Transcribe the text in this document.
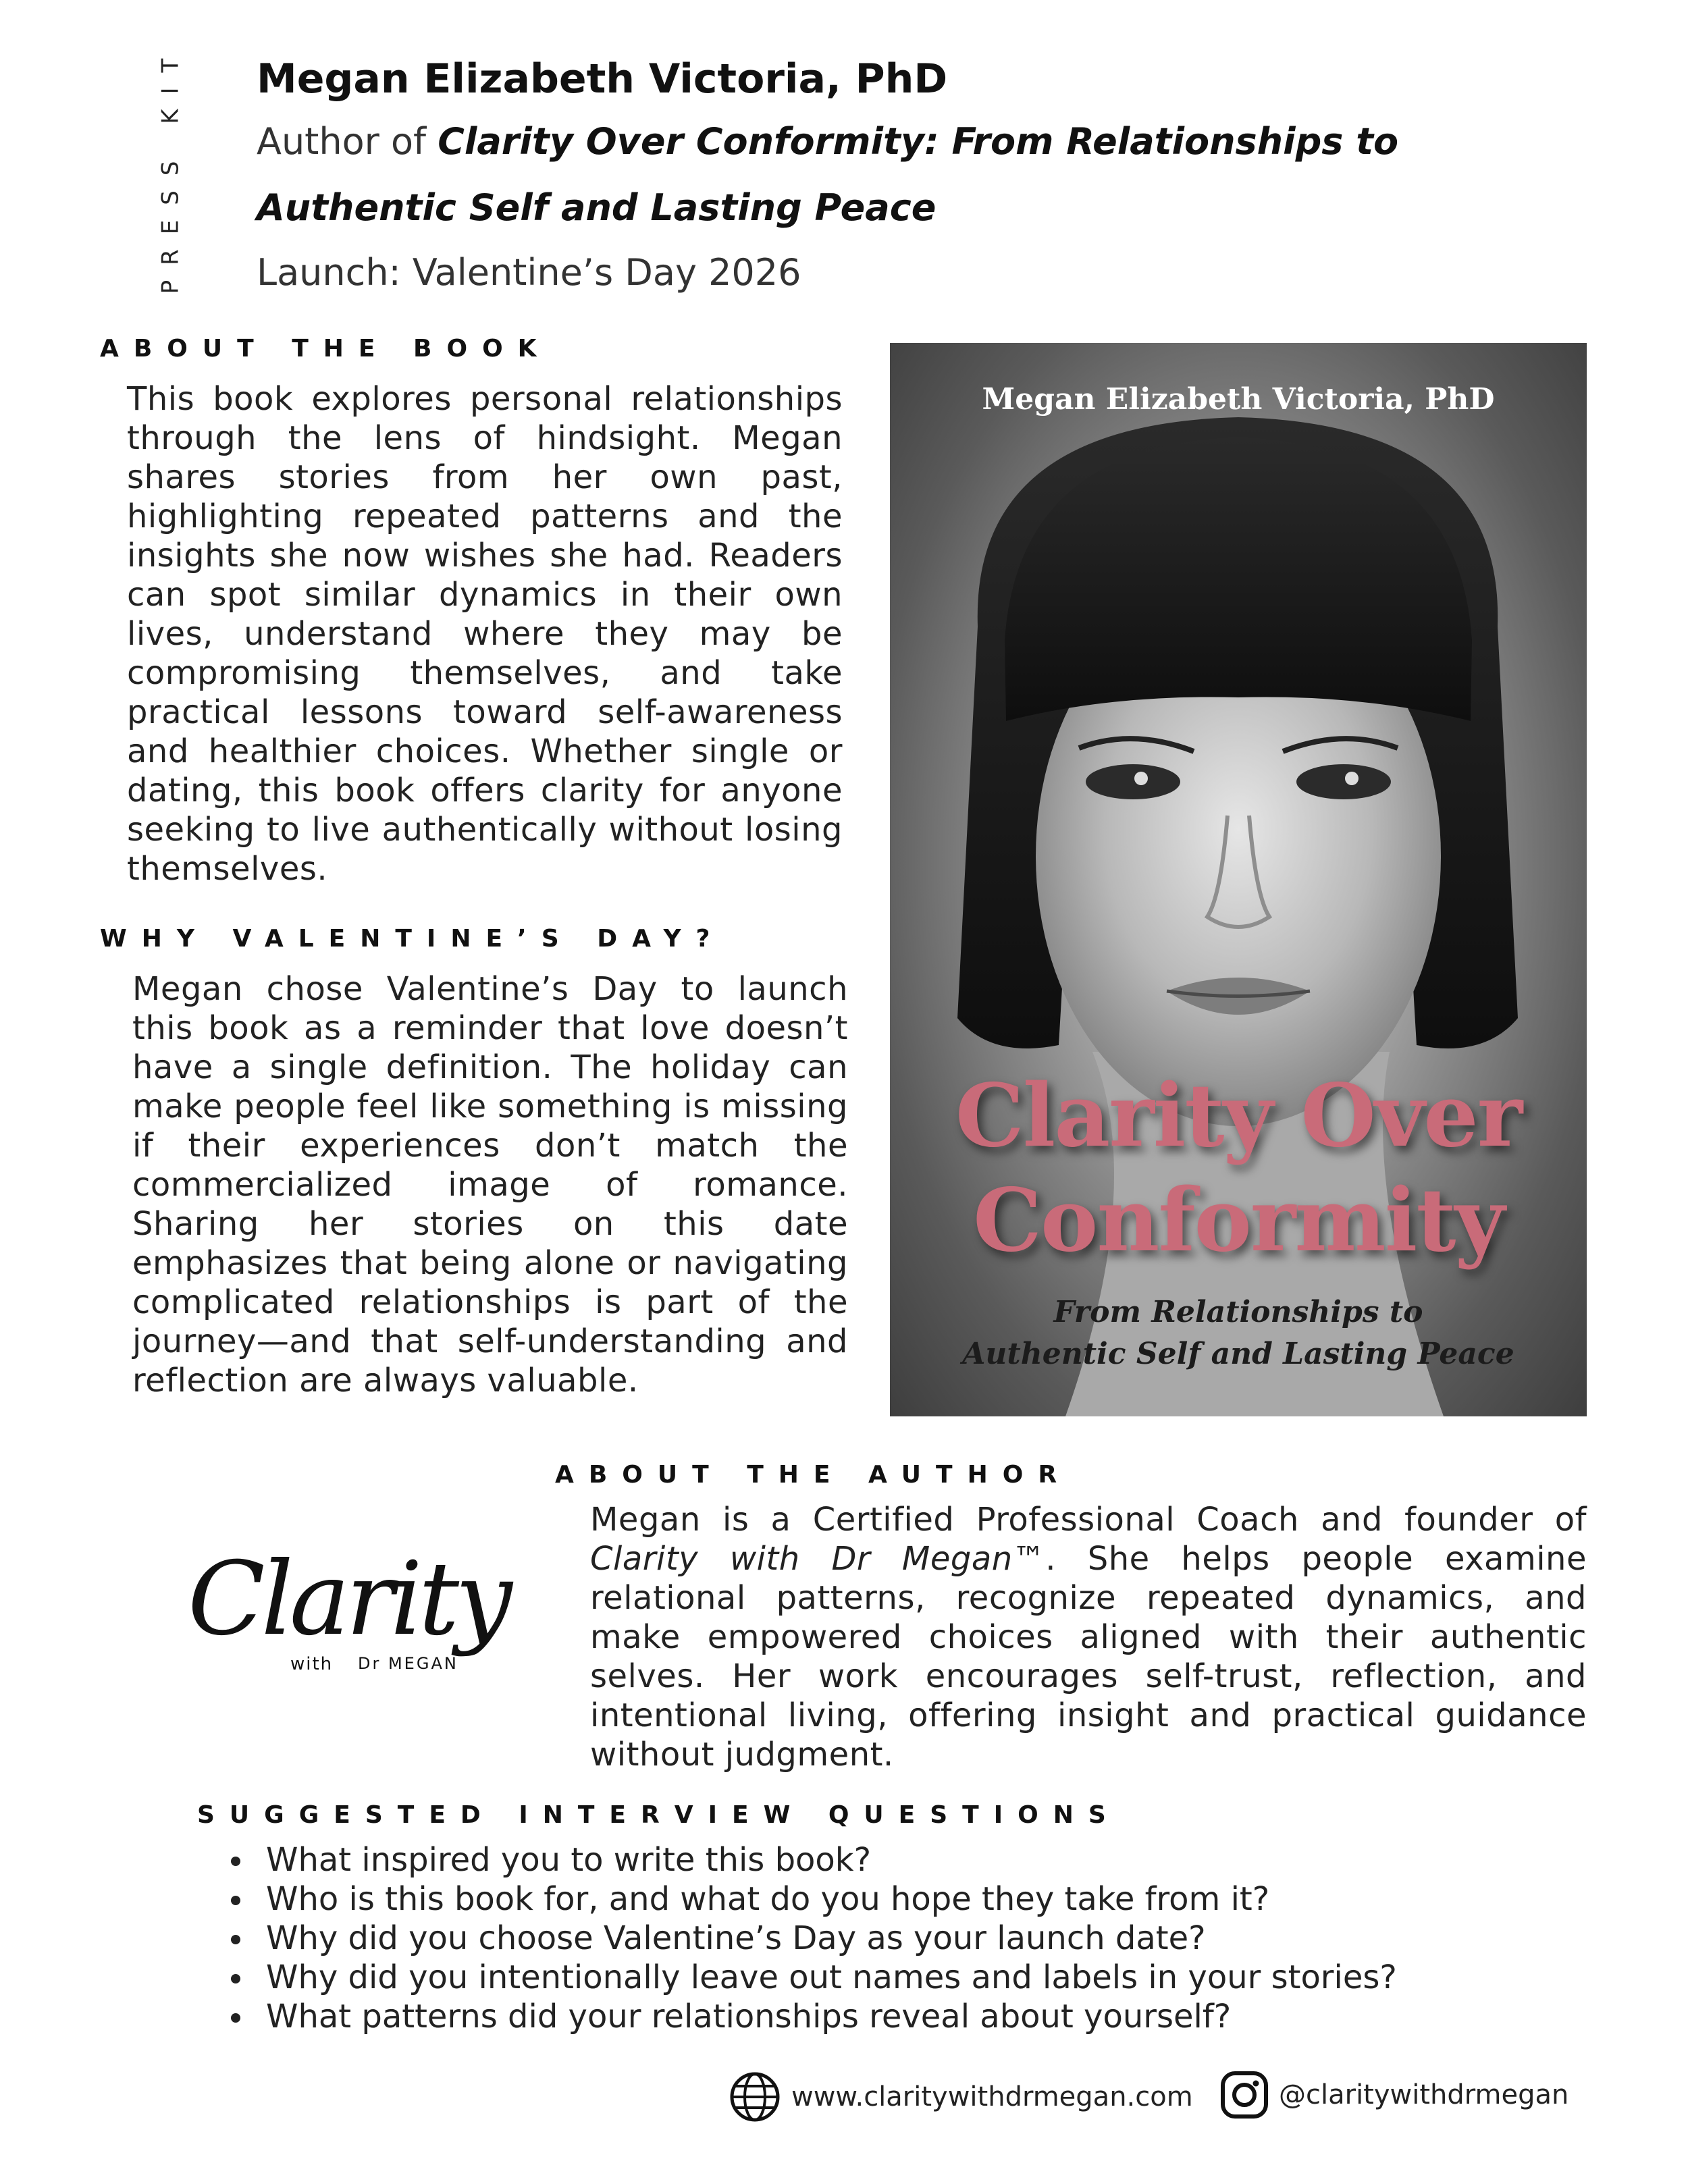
PRESS KIT Megan Elizabeth Victoria, PhD
Author of Clarity Over Conformity: From Relationships to
Authentic Self and Lasting Peace
Launch: Valentine’s Day 2026
ABOUT THE BOOK
This book explores personal relationships through the lens of hindsight. Megan shares stories from her own past, highlighting repeated patterns and the insights she now wishes she had. Readers can spot similar dynamics in their own lives, understand where they may be compromising themselves, and take practical lessons toward self-awareness and healthier choices. Whether single or dating, this book offers clarity for anyone seeking to live authentically without losing themselves.
WHY VALENTINE’S DAY?
Megan chose Valentine’s Day to launch this book as a reminder that love doesn’t have a single definition. The holiday can make people feel like something is missing if their experiences don’t match the commercialized image of romance. Sharing her stories on this date emphasizes that being alone or navigating complicated relationships is part of the journey—and that self-understanding and reflection are always valuable.
Megan Elizabeth Victoria, PhD
Clarity Over
Conformity
From Relationships to
Authentic Self and Lasting Peace
ABOUT THE AUTHOR
Megan is a Certified Professional Coach and founder of Clarity with Dr Megan™. She helps people examine relational patterns, recognize repeated dynamics, and make empowered choices aligned with their authentic selves. Her work encourages self-trust, reflection, and intentional living, offering insight and practical guidance without judgment.
Clarity
with Dr MEGAN
SUGGESTED INTERVIEW QUESTIONS
What inspired you to write this book?
Who is this book for, and what do you hope they take from it?
Why did you choose Valentine’s Day as your launch date?
Why did you intentionally leave out names and labels in your stories?
What patterns did your relationships reveal about yourself?
www.claritywithdrmegan.com	@claritywithdrmegan
